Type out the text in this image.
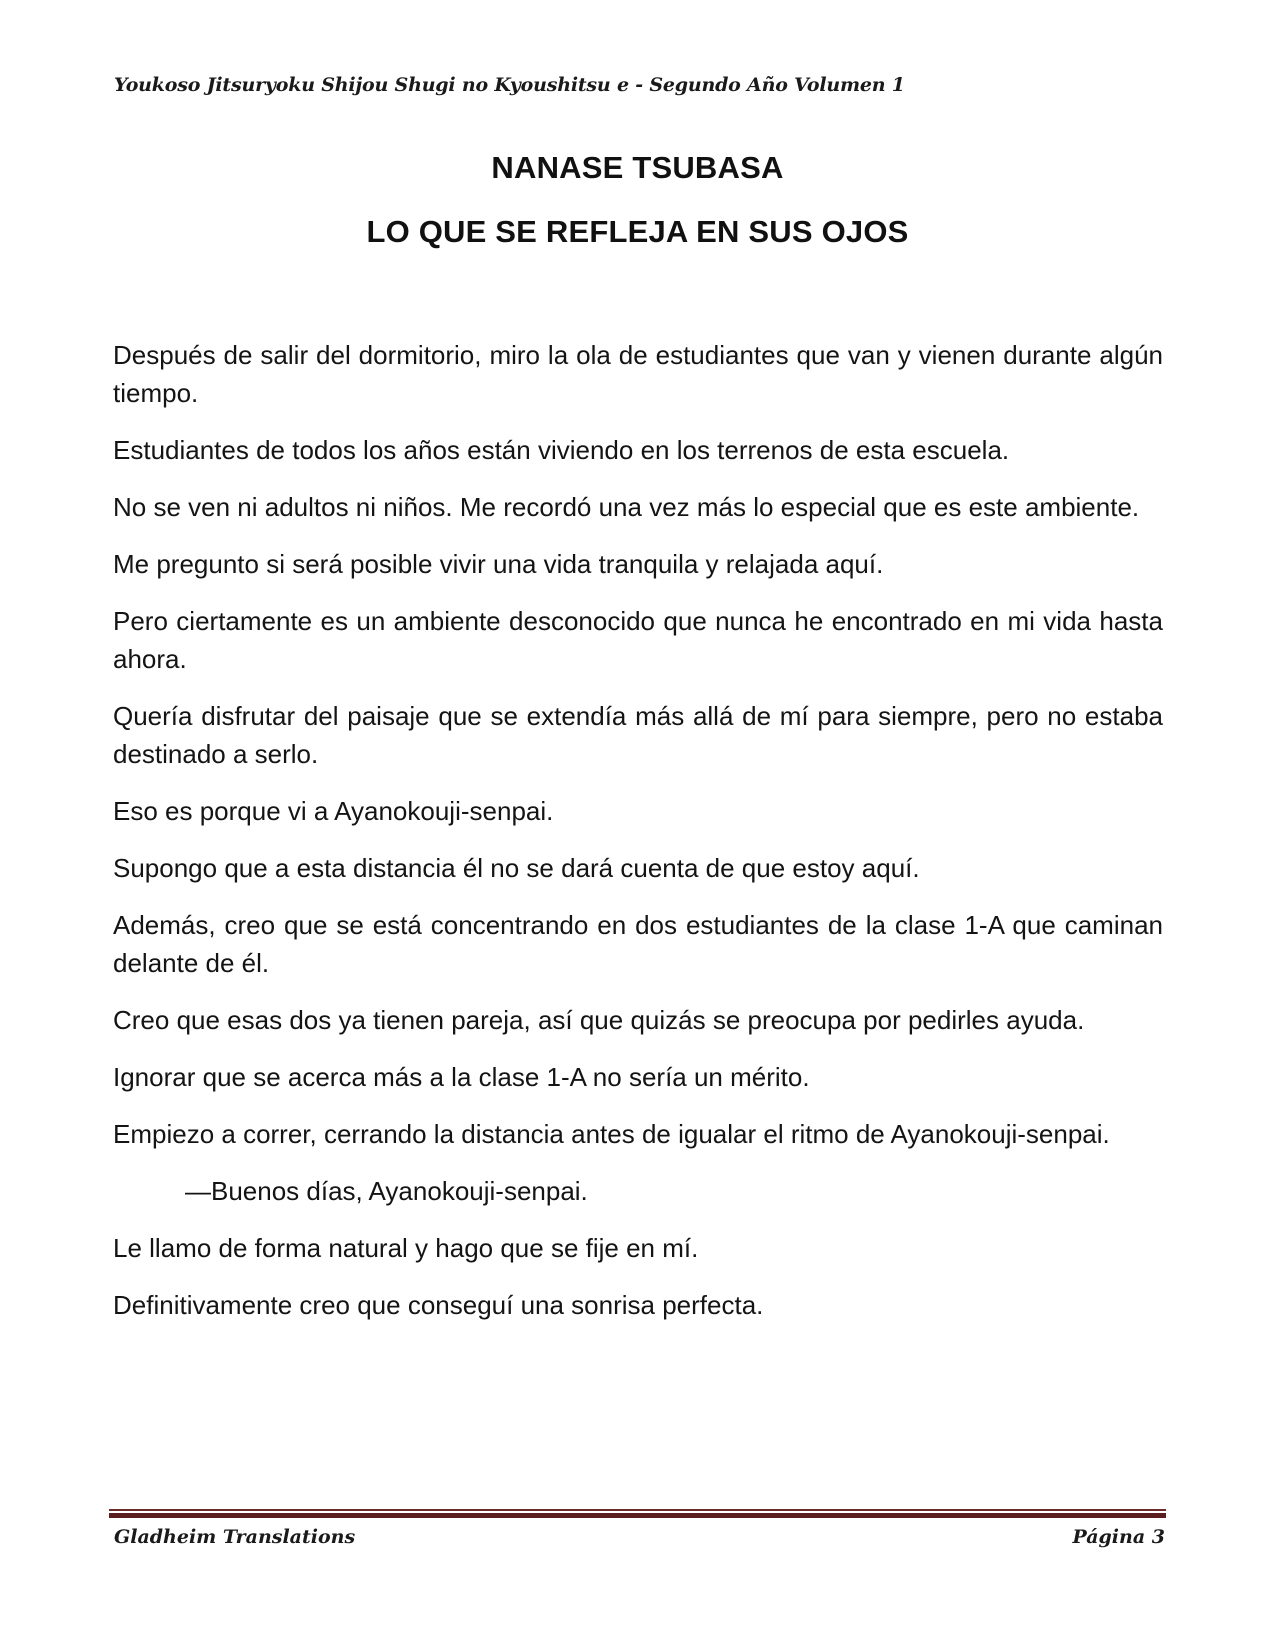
Youkoso Jitsuryoku Shijou Shugi no Kyoushitsu e - Segundo Año Volumen 1
NANASE TSUBASA
LO QUE SE REFLEJA EN SUS OJOS

Después de salir del dormitorio, miro la ola de estudiantes que van y vienen durante algún tiempo.

Estudiantes de todos los años están viviendo en los terrenos de esta escuela.

No se ven ni adultos ni niños. Me recordó una vez más lo especial que es este ambiente.

Me pregunto si será posible vivir una vida tranquila y relajada aquí.

Pero ciertamente es un ambiente desconocido que nunca he encontrado en mi vida hasta ahora.

Quería disfrutar del paisaje que se extendía más allá de mí para siempre, pero no estaba destinado a serlo.

Eso es porque vi a Ayanokouji-senpai.

Supongo que a esta distancia él no se dará cuenta de que estoy aquí.

Además, creo que se está concentrando en dos estudiantes de la clase 1-A que caminan delante de él.

Creo que esas dos ya tienen pareja, así que quizás se preocupa por pedirles ayuda.

Ignorar que se acerca más a la clase 1-A no sería un mérito.

Empiezo a correr, cerrando la distancia antes de igualar el ritmo de Ayanokouji-senpai.

—Buenos días, Ayanokouji-senpai.

Le llamo de forma natural y hago que se fije en mí.

Definitivamente creo que conseguí una sonrisa perfecta.

Gladheim Translations	Página 3
